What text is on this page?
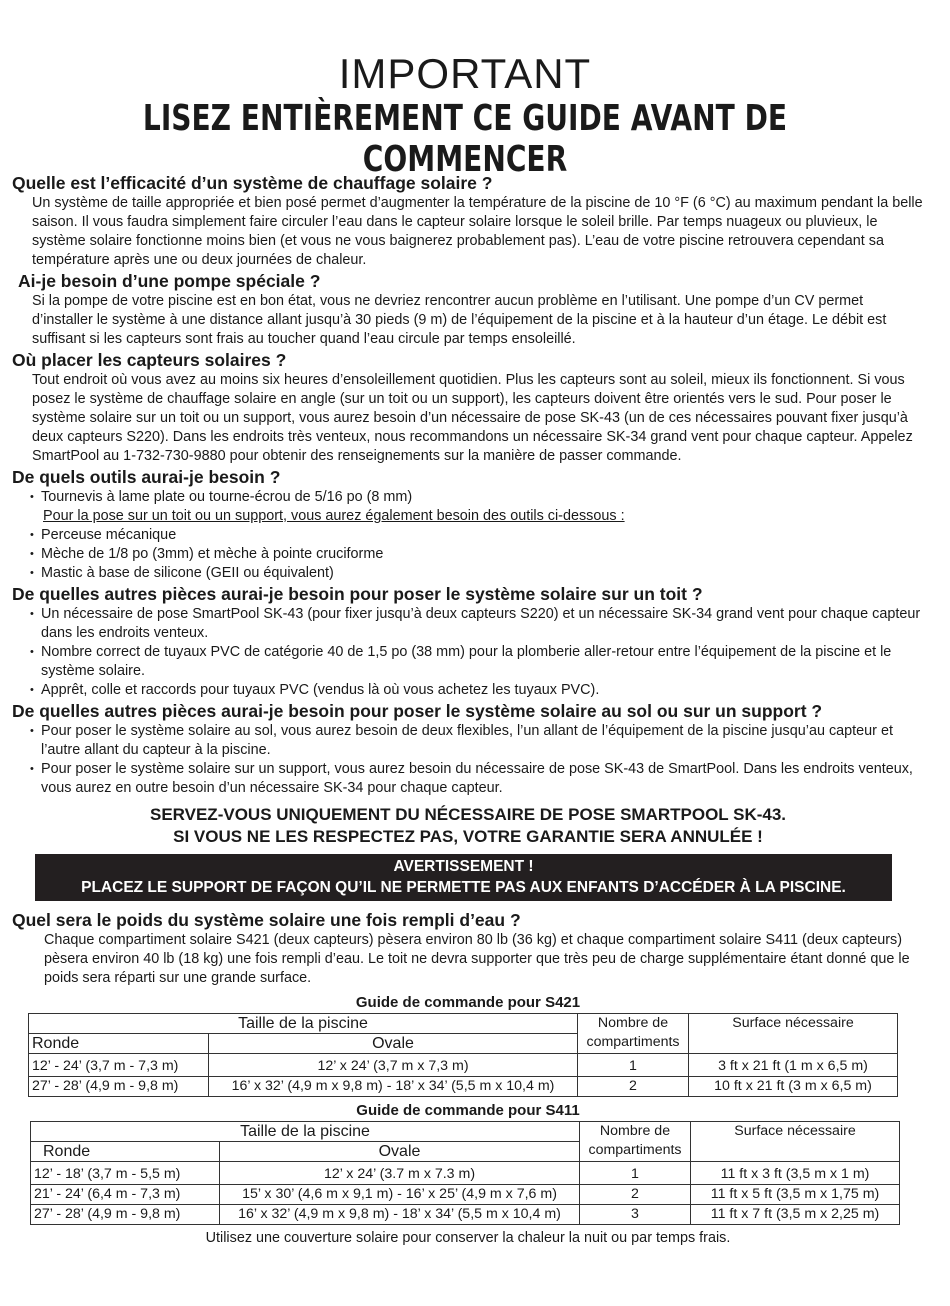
IMPORTANT
LISEZ ENTIÈREMENT CE GUIDE AVANT DE COMMENCER

Quelle est l’efficacité d’un système de chauffage solaire ?

Un système de taille appropriée et bien posé permet d’augmenter la température de la piscine de 10 °F (6 °C) au maximum pendant la belle saison. Il vous faudra simplement faire circuler l’eau dans le capteur solaire lorsque le soleil brille. Par temps nuageux ou pluvieux, le système solaire fonctionne moins bien (et vous ne vous baignerez probablement pas). L’eau de votre piscine retrouvera cependant sa température après une ou deux journées de chaleur.

Ai-je besoin d’une pompe spéciale ?

Si la pompe de votre piscine est en bon état, vous ne devriez rencontrer aucun problème en l’utilisant. Une pompe d’un CV permet d’installer le système à une distance allant jusqu’à 30 pieds (9 m) de l’équipement de la piscine et à la hauteur d’un étage. Le débit est suffisant si les capteurs sont frais au toucher quand l’eau circule par temps ensoleillé.

Où placer les capteurs solaires ?

Tout endroit où vous avez au moins six heures d’ensoleillement quotidien. Plus les capteurs sont au soleil, mieux ils fonctionnent. Si vous posez le système de chauffage solaire en angle (sur un toit ou un support), les capteurs doivent être orientés vers le sud. Pour poser le système solaire sur un toit ou un support, vous aurez besoin d’un nécessaire de pose SK-43 (un de ces nécessaires pouvant fixer jusqu’à deux capteurs S220). Dans les endroits très venteux, nous recommandons un nécessaire SK-34 grand vent pour chaque capteur. Appelez SmartPool au 1-732-730-9880 pour obtenir des renseignements sur la manière de passer commande.

De quels outils aurai-je besoin ?

• Tournevis à lame plate ou tourne-écrou de 5/16 po (8 mm)
Pour la pose sur un toit ou un support, vous aurez également besoin des outils ci-dessous :
• Perceuse mécanique
• Mèche de 1/8 po (3mm) et mèche à pointe cruciforme
• Mastic à base de silicone (GEII ou équivalent)

De quelles autres pièces aurai-je besoin pour poser le système solaire sur un toit ?

• Un nécessaire de pose SmartPool SK-43 (pour fixer jusqu’à deux capteurs S220) et un nécessaire SK-34 grand vent pour chaque capteur dans les endroits venteux.
• Nombre correct de tuyaux PVC de catégorie 40 de 1,5 po (38 mm) pour la plomberie aller-retour entre l’équipement de la piscine et le système solaire.
• Apprêt, colle et raccords pour tuyaux PVC (vendus là où vous achetez les tuyaux PVC).

De quelles autres pièces aurai-je besoin pour poser le système solaire au sol ou sur un support ?

• Pour poser le système solaire au sol, vous aurez besoin de deux flexibles, l’un allant de l’équipement de la piscine jusqu’au capteur et l’autre allant du capteur à la piscine.
• Pour poser le système solaire sur un support, vous aurez besoin du nécessaire de pose SK-43 de SmartPool. Dans les endroits venteux, vous aurez en outre besoin d’un nécessaire SK-34 pour chaque capteur.
SERVEZ-VOUS UNIQUEMENT DU NÉCESSAIRE DE POSE SMARTPOOL SK-43.
SI VOUS NE LES RESPECTEZ PAS, VOTRE GARANTIE SERA ANNULÉE !
AVERTISSEMENT !
PLACEZ LE SUPPORT DE FAÇON QU’IL NE PERMETTE PAS AUX ENFANTS D’ACCÉDER À LA PISCINE.

Quel sera le poids du système solaire une fois rempli d’eau ?

Chaque compartiment solaire S421 (deux capteurs) pèsera environ 80 lb (36 kg) et chaque compartiment solaire S411 (deux capteurs) pèsera environ 40 lb (18 kg) une fois rempli d’eau. Le toit ne devra supporter que très peu de charge supplémentaire étant donné que le poids sera réparti sur une grande surface.

Guide de commande pour S421
Taille de la piscine		Nombre de compartiments	Surface nécessaire
Ronde	Ovale		
12’ - 24’ (3,7 m - 7,3 m)	12’ x 24’ (3,7 m x 7,3 m)	1	3 ft x 21 ft (1 m x 6,5 m)
27’ - 28’ (4,9 m - 9,8 m)	16’ x 32’ (4,9 m x 9,8 m) - 18’ x 34’ (5,5 m x 10,4 m)	2	10 ft x 21 ft (3 m x 6,5 m)
Guide de commande pour S411
Taille de la piscine		Nombre de compartiments	Surface nécessaire
Ronde	Ovale		
12’ - 18’ (3,7 m - 5,5 m)	12’ x 24’ (3.7 m x 7.3 m)	1	11 ft x 3 ft (3,5 m x 1 m)
21’ - 24’ (6,4 m - 7,3 m)	15’ x 30’ (4,6 m x 9,1 m) - 16’ x 25’ (4,9 m x 7,6 m)	2	11 ft x 5 ft (3,5 m x 1,75 m)
27’ - 28’ (4,9 m - 9,8 m)	16’ x 32’ (4,9 m x 9,8 m) - 18’ x 34’ (5,5 m x 10,4 m)	3	11 ft x 7 ft (3,5 m x 2,25 m)
Utilisez une couverture solaire pour conserver la chaleur la nuit ou par temps frais.
